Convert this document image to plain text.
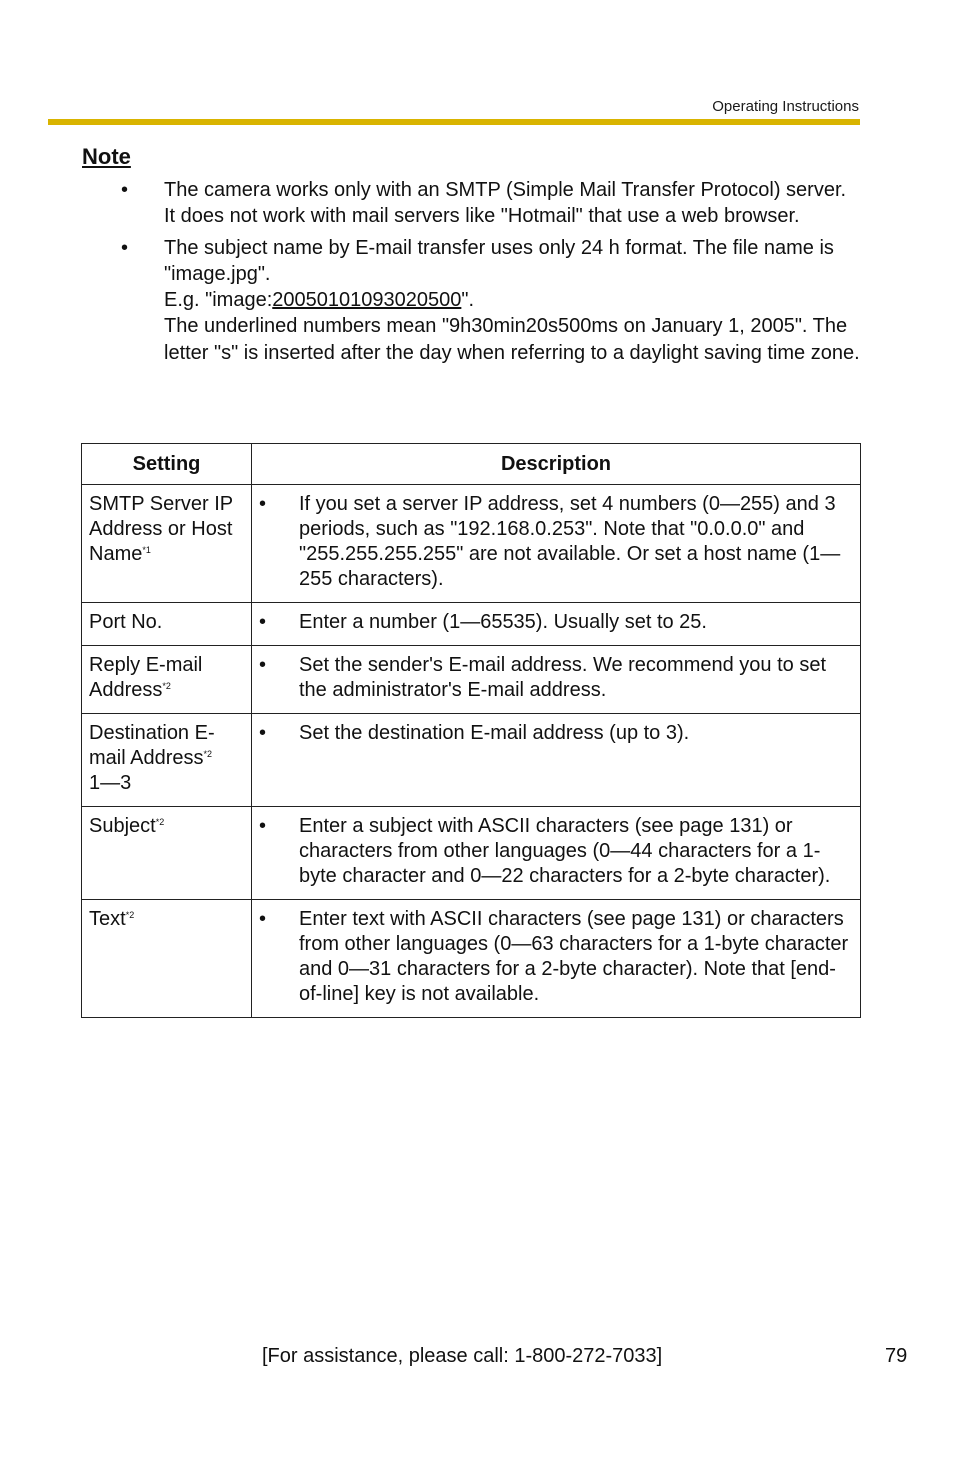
Operating Instructions
Note
• The camera works only with an SMTP (Simple Mail Transfer Protocol) server. It does not work with mail servers like "Hotmail" that use a web browser.
• The subject name by E-mail transfer uses only 24 h format. The file name is "image.jpg".
E.g. "image:20050101093020500".
The underlined numbers mean "9h30min20s500ms on January 1, 2005". The letter "s" is inserted after the day when referring to a daylight saving time zone.
Setting	Description
SMTP Server IP Address or Host Name$^{*1}$	• If you set a server IP address, set 4 numbers (0—255) and 3 periods, such as "192.168.0.253". Note that "0.0.0.0" and "255.255.255.255" are not available. Or set a host name (1—255 characters).

Port No.	• Enter a number (1—65535). Usually set to 25.

Reply E-mail Address$^{*2}$	• Set the sender's E-mail address. We recommend you to set the administrator's E-mail address.

Destination E-mail Address$^{*2}$
1—3	• Set the destination E-mail address (up to 3).

Subject$^{*2}$	• Enter a subject with ASCII characters (see page 131) or characters from other languages (0—44 characters for a 1-byte character and 0—22 characters for a 2-byte character).

Text$^{*2}$	• Enter text with ASCII characters (see page 131) or characters from other languages (0—63 characters for a 1-byte character and 0—31 characters for a 2-byte character). Note that [end-of-line] key is not available.
[For assistance, please call: 1-800-272-7033]	79
